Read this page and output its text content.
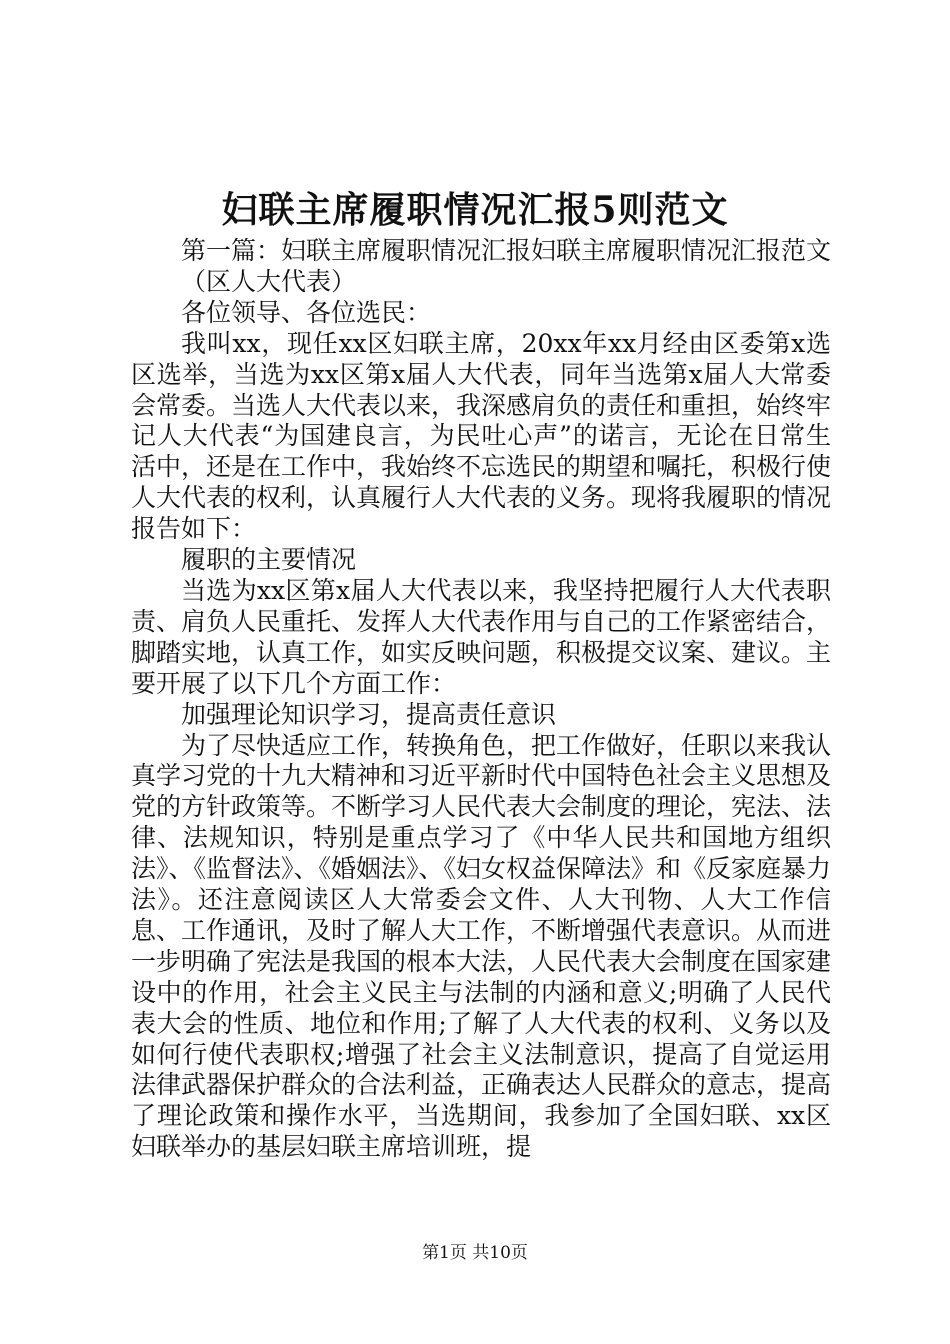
妇联主席履职情况汇报5则范文

第一篇：妇联主席履职情况汇报妇联主席履职情况汇报范文

（区人大代表）

各位领导、各位选民：

我叫xx，现任xx区妇联主席，20xx年xx月经由区委第x选区选举，当选为xx区第x届人大代表，同年当选第x届人大常委会常委。当选人大代表以来，我深感肩负的责任和重担，始终牢记人大代表“为国建良言，为民吐心声”的诺言，无论在日常生活中，还是在工作中，我始终不忘选民的期望和嘱托，积极行使人大代表的权利，认真履行人大代表的义务。现将我履职的情况报告如下：

履职的主要情况

当选为xx区第x届人大代表以来，我坚持把履行人大代表职责、肩负人民重托、发挥人大代表作用与自己的工作紧密结合，脚踏实地，认真工作，如实反映问题，积极提交议案、建议。主要开展了以下几个方面工作：

加强理论知识学习，提高责任意识

为了尽快适应工作，转换角色，把工作做好，任职以来我认真学习党的十九大精神和习近平新时代中国特色社会主义思想及党的方针政策等。不断学习人民代表大会制度的理论，宪法、法律、法规知识，特别是重点学习了《中华人民共和国地方组织法》、《监督法》、《婚姻法》、《妇女权益保障法》和《反家庭暴力法》。还注意阅读区人大常委会文件、人大刊物、人大工作信息、工作通讯，及时了解人大工作，不断增强代表意识。从而进一步明确了宪法是我国的根本大法，人民代表大会制度在国家建设中的作用，社会主义民主与法制的内涵和意义;明确了人民代表大会的性质、地位和作用;了解了人大代表的权利、义务以及如何行使代表职权;增强了社会主义法制意识，提高了自觉运用法律武器保护群众的合法利益，正确表达人民群众的意志，提高了理论政策和操作水平，当选期间，我参加了全国妇联、xx区妇联举办的基层妇联主席培训班，提

第1页 共10页
